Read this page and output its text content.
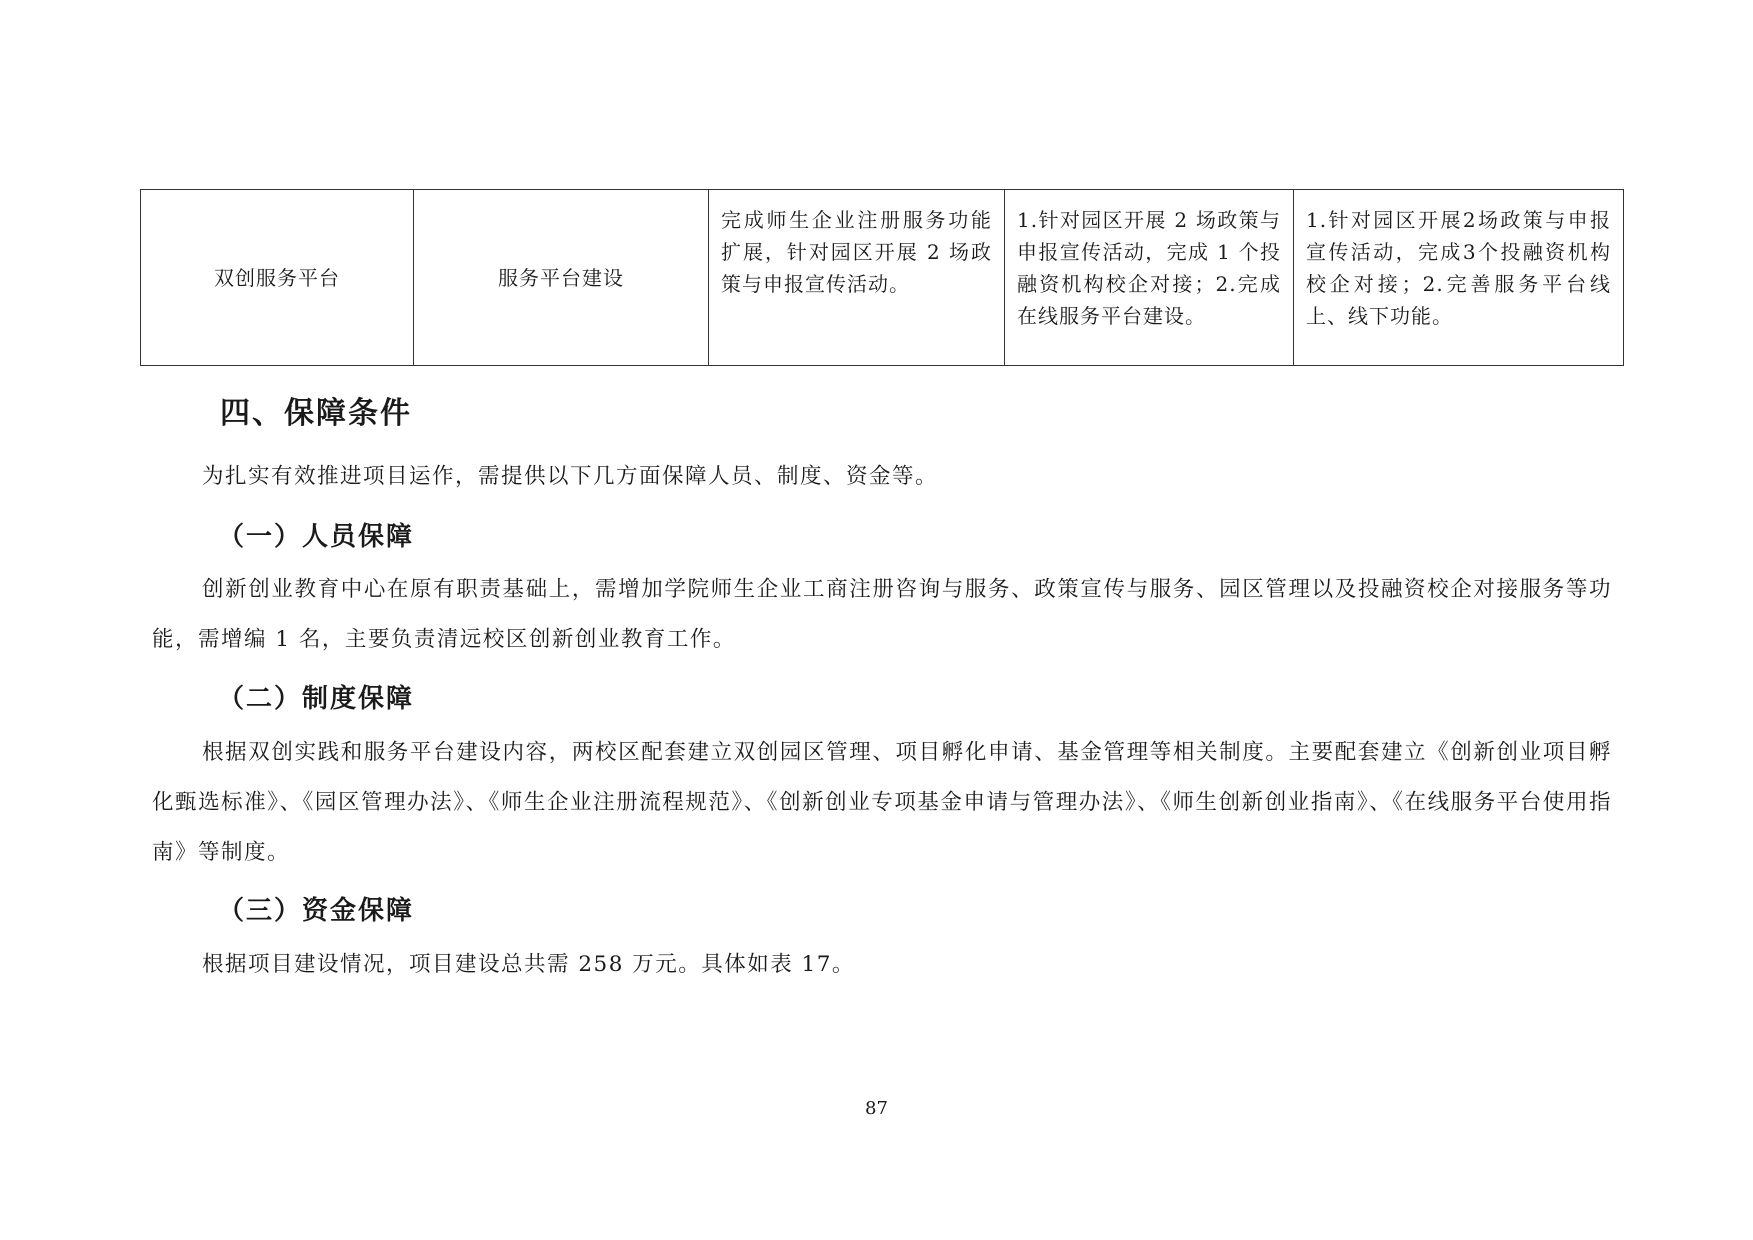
双创服务平台	服务平台建设	完成师生企业注册服务功能扩展，针对园区开展 2 场政策与申报宣传活动。	1.针对园区开展 2 场政策与申报宣传活动，完成 1 个投融资机构校企对接；2.完成在线服务平台建设。	1.针对园区开展2场政策与申报宣传活动，完成3个投融资机构校企对接；2.完善服务平台线上、线下功能。
四、保障条件

为扎实有效推进项目运作，需提供以下几方面保障人员、制度、资金等。

（一）人员保障

创新创业教育中心在原有职责基础上，需增加学院师生企业工商注册咨询与服务、政策宣传与服务、园区管理以及投融资校企对接服务等功能，需增编 1 名，主要负责清远校区创新创业教育工作。

（二）制度保障

根据双创实践和服务平台建设内容，两校区配套建立双创园区管理、项目孵化申请、基金管理等相关制度。主要配套建立《创新创业项目孵化甄选标准》、《园区管理办法》、《师生企业注册流程规范》、《创新创业专项基金申请与管理办法》、《师生创新创业指南》、《在线服务平台使用指南》等制度。

（三）资金保障

根据项目建设情况，项目建设总共需 258 万元。具体如表 17。

87
